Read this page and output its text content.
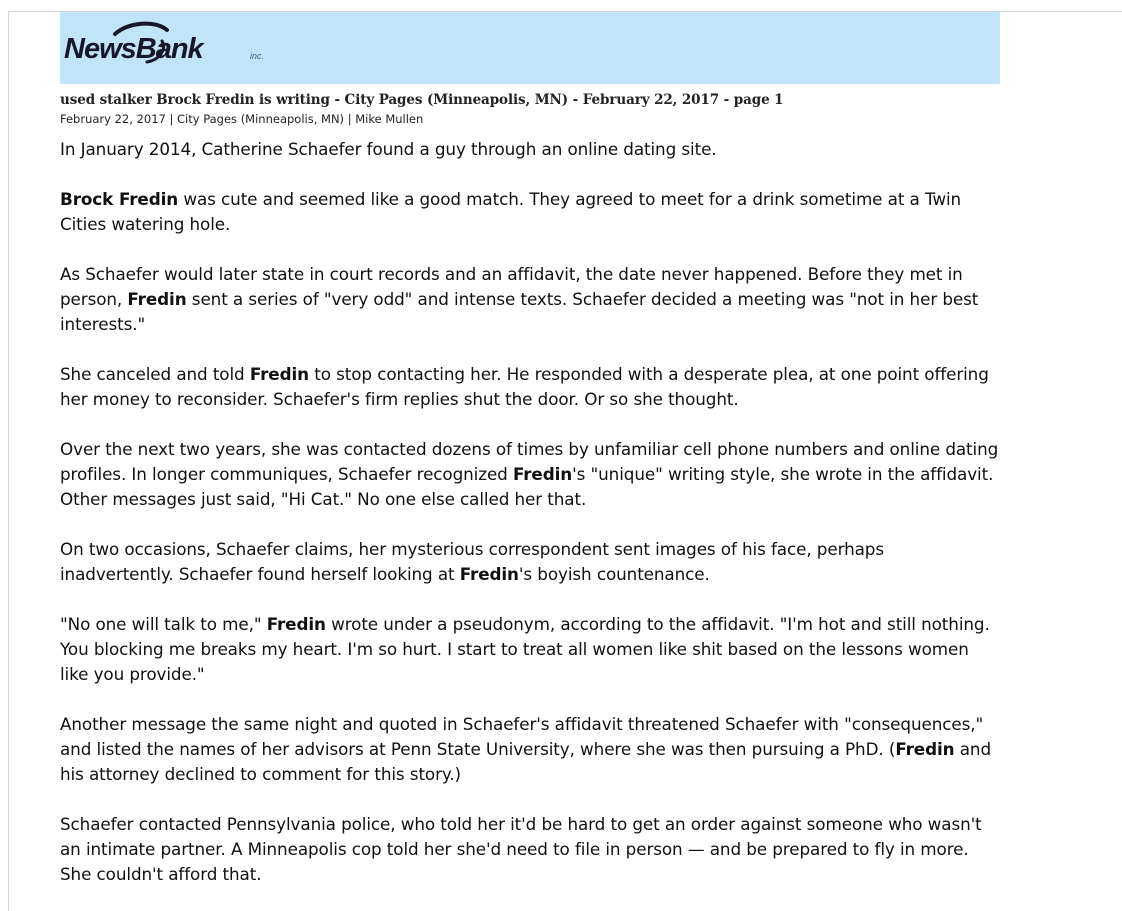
NewsBank	inc.
used stalker Brock Fredin is writing - City Pages (Minneapolis, MN) - February 22, 2017 - page 1
February 22, 2017 | City Pages (Minneapolis, MN) | Mike Mullen

In January 2014, Catherine Schaefer found a guy through an online dating site.

Brock Fredin was cute and seemed like a good match. They agreed to meet for a drink sometime at a Twin Cities watering hole.

As Schaefer would later state in court records and an affidavit, the date never happened. Before they met in person, Fredin sent a series of "very odd" and intense texts. Schaefer decided a meeting was "not in her best interests."

She canceled and told Fredin to stop contacting her. He responded with a desperate plea, at one point offering her money to reconsider. Schaefer's firm replies shut the door. Or so she thought.

Over the next two years, she was contacted dozens of times by unfamiliar cell phone numbers and online dating profiles. In longer communiques, Schaefer recognized Fredin's "unique" writing style, she wrote in the affidavit. Other messages just said, "Hi Cat." No one else called her that.

On two occasions, Schaefer claims, her mysterious correspondent sent images of his face, perhaps inadvertently. Schaefer found herself looking at Fredin's boyish countenance.

"No one will talk to me," Fredin wrote under a pseudonym, according to the affidavit. "I'm hot and still nothing. You blocking me breaks my heart. I'm so hurt. I start to treat all women like shit based on the lessons women like you provide."

Another message the same night and quoted in Schaefer's affidavit threatened Schaefer with "consequences," and listed the names of her advisors at Penn State University, where she was then pursuing a PhD. (Fredin and his attorney declined to comment for this story.)

Schaefer contacted Pennsylvania police, who told her it'd be hard to get an order against someone who wasn't an intimate partner. A Minneapolis cop told her she'd need to file in person — and be prepared to fly in more. She couldn't afford that.
